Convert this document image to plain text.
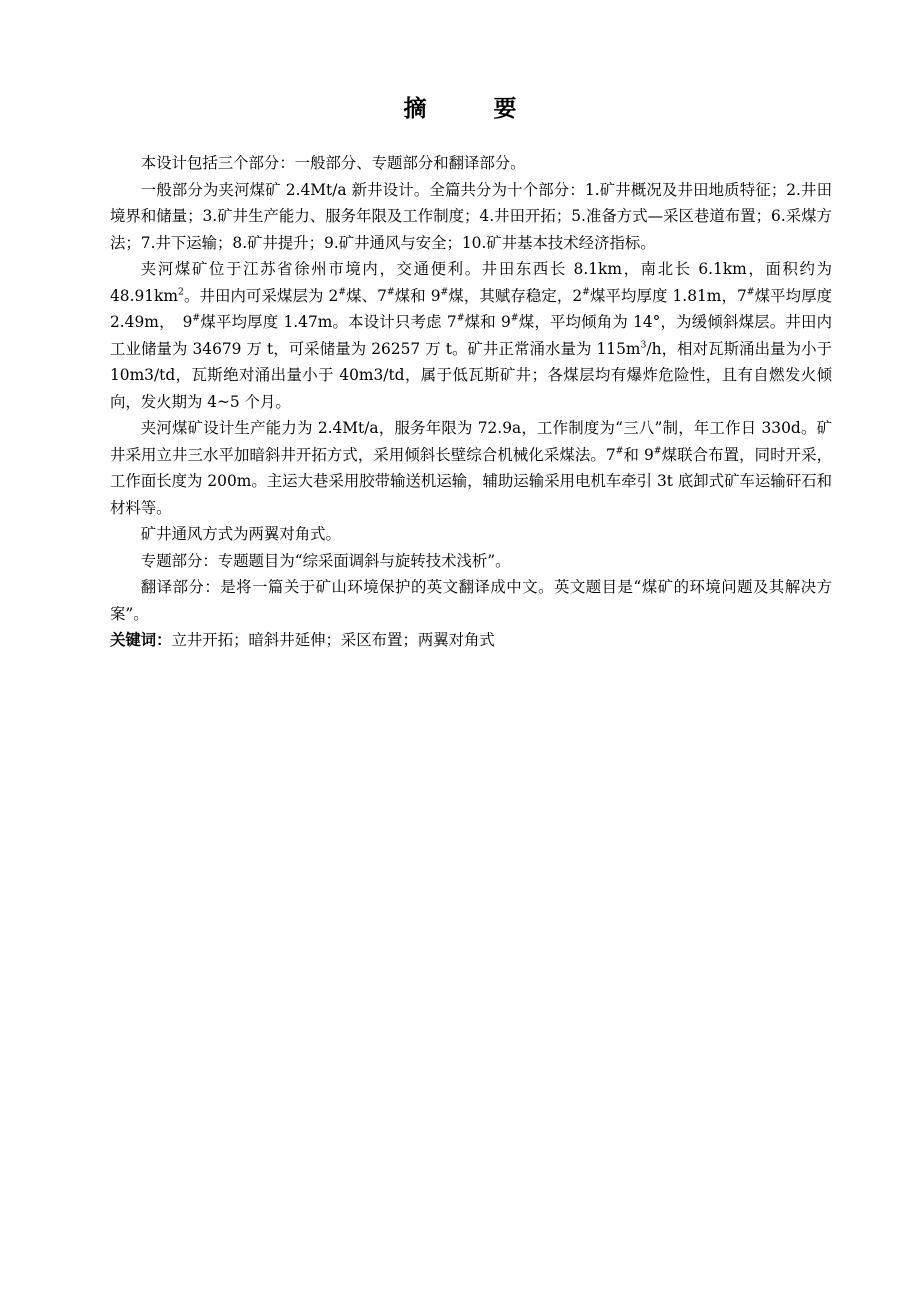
摘　要

本设计包括三个部分：一般部分、专题部分和翻译部分。

一般部分为夹河煤矿 2.4Mt/a 新井设计。全篇共分为十个部分：1.矿井概况及井田地质特征；2.井田境界和储量；3.矿井生产能力、服务年限及工作制度；4.井田开拓；5.准备方式—采区巷道布置；6.采煤方法；7.井下运输；8.矿井提升；9.矿井通风与安全；10.矿井基本技术经济指标。

夹河煤矿位于江苏省徐州市境内，交通便利。井田东西长 8.1km，南北长 6.1km，面积约为 $48.91km^2$。井田内可采煤层为 2#煤、7#煤和 9#煤，其赋存稳定，2#煤平均厚度 1.81m，7#煤平均厚度 2.49m，　9#煤平均厚度 1.47m。本设计只考虑 7#煤和 9#煤，平均倾角为 14°，为缓倾斜煤层。井田内工业储量为 34679 万 t，可采储量为 26257 万 t。矿井正常涌水量为 $115m^3/h$，相对瓦斯涌出量为小于 10m3/td，瓦斯绝对涌出量小于 40m3/td，属于低瓦斯矿井；各煤层均有爆炸危险性，且有自燃发火倾向，发火期为 4~5 个月。

夹河煤矿设计生产能力为 2.4Mt/a，服务年限为 72.9a，工作制度为“三八”制，年工作日 330d。矿井采用立井三水平加暗斜井开拓方式，采用倾斜长壁综合机械化采煤法。7#和 9#煤联合布置，同时开采，工作面长度为 200m。主运大巷采用胶带输送机运输，辅助运输采用电机车牵引 3t 底卸式矿车运输矸石和材料等。

矿井通风方式为两翼对角式。

专题部分：专题题目为“综采面调斜与旋转技术浅析”。

翻译部分：是将一篇关于矿山环境保护的英文翻译成中文。英文题目是“煤矿的环境问题及其解决方案”。

关键词：立井开拓；暗斜井延伸；采区布置；两翼对角式
